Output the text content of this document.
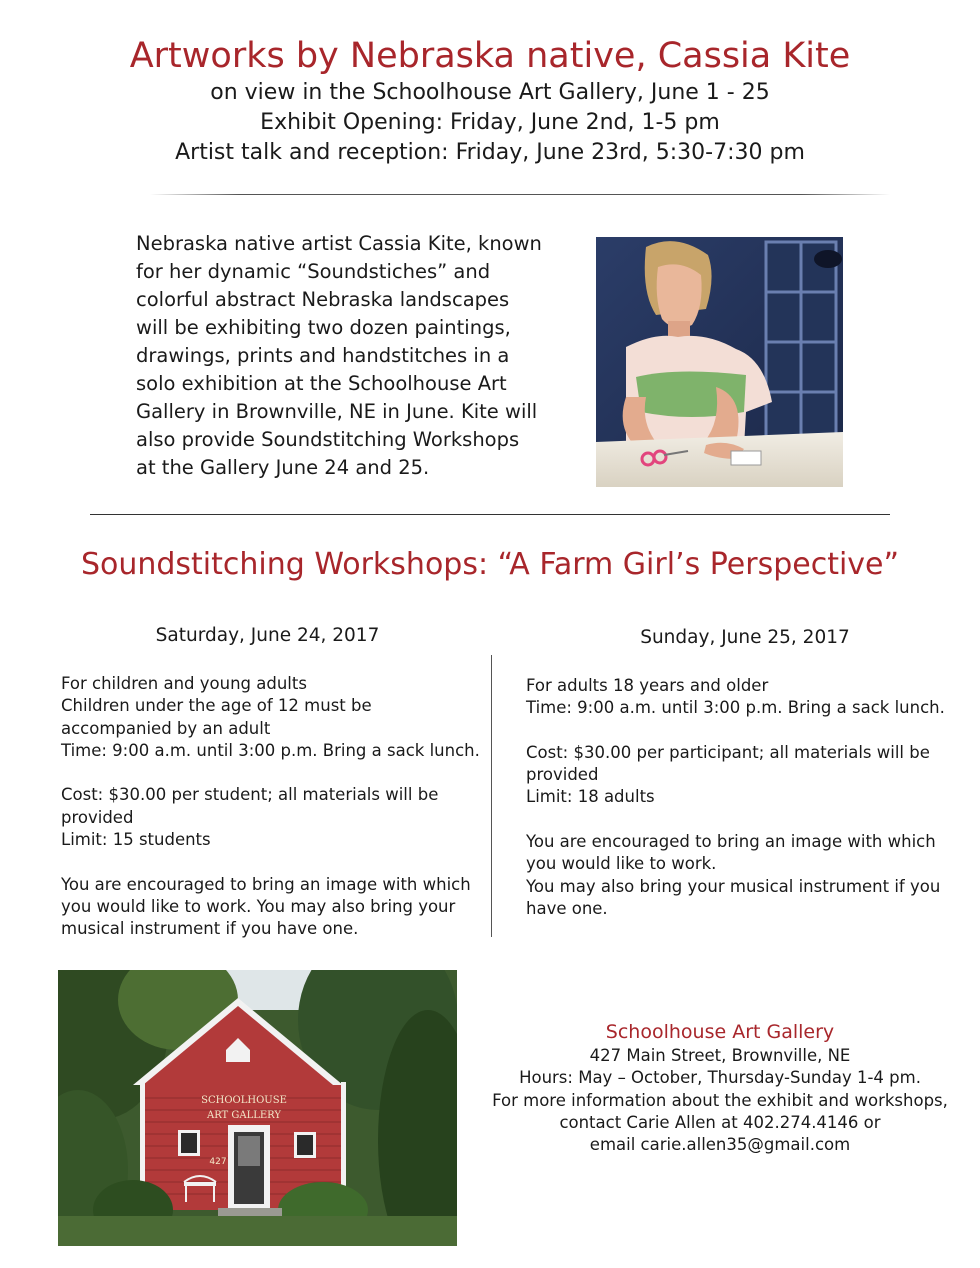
Artworks by Nebraska native, Cassia Kite
on view in the Schoolhouse Art Gallery, June 1 - 25
Exhibit Opening: Friday, June 2nd, 1-5 pm
Artist talk and reception: Friday, June 23rd, 5:30-7:30 pm
Nebraska native artist Cassia Kite, known
for her dynamic “Soundstiches” and
colorful abstract Nebraska landscapes
will be exhibiting two dozen paintings,
drawings, prints and handstitches in a
solo exhibition at the Schoolhouse Art
Gallery in Brownville, NE in June. Kite will
also provide Soundstitching Workshops
at the Gallery June 24 and 25.
Soundstitching Workshops: “A Farm Girl’s Perspective”
Saturday, June 24, 2017

For children and young adults

Children under the age of 12 must be

accompanied by an adult

Time: 9:00 a.m. until 3:00 p.m. Bring a sack lunch.

Cost: $30.00 per student; all materials will be

provided

Limit: 15 students

You are encouraged to bring an image with which

you would like to work. You may also bring your

musical instrument if you have one.

Sunday, June 25, 2017

For adults 18 years and older

Time: 9:00 a.m. until 3:00 p.m. Bring a sack lunch.

Cost: $30.00 per participant; all materials will be

provided

Limit: 18 adults

You are encouraged to bring an image with which

you would like to work.

You may also bring your musical instrument if you

have one.

SCHOOLHOUSE
ART GALLERY
427
Schoolhouse Art Gallery
427 Main Street, Brownville, NE
Hours: May – October, Thursday-Sunday 1-4 pm.
For more information about the exhibit and workshops,
contact Carie Allen at 402.274.4146 or
email carie.allen35@gmail.com
